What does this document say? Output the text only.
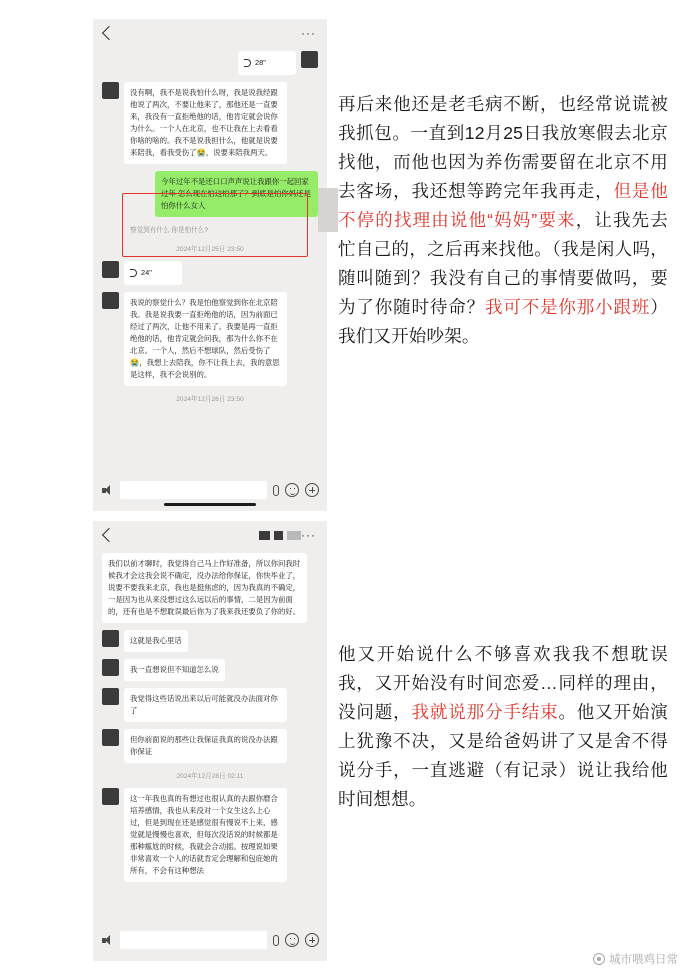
···
28"
没有啊，我不是说我怕什么呀，我是说我经跟他说了两次，不要让他来了，那他还是一直要来，我没有一直拒绝他的话，他肯定就会说你为什么。一个人在北京，也不让我在上去看看你啥的啥的。我不是说我担什么，他就是说要来陪我，看我受伤了😭，说要来陪我两天。
今年过年不是还口口声声说让我跟你一起回家过年 怎么现在怕这怕那了？到底是怕你妈还是怕你什么女人
察觉到有什么 你是怕什么?
2024年12月25日 23:50
24"
我说的察觉什么？我是怕他察觉到你在北京陪我。我是说我要一直拒绝他的话，因为前面已经过了两次，让他不用来了。我要是再一直拒绝他的话，他肯定就会问我，那为什么你不在北京。一个人，然后不想球队，然后受伤了😭，我想上去陪我，你不让我上去，我的意思是这样，我不会说别的。
2024年12月26日 23:50
···
我们以前才聊时，我觉得自己马上作好准备，所以你问我时候我才会这我会说不确定，没办法给你保证，你快毕业了，说要不要我来北京，我也是挺焦虑的，因为我真的不确定，一是因为也从来没想过这么远以后的事情，二是因为前面的，还有也是不想耽误最后你为了我来我还要负了你的好。
这就是我心里话
我一直想说但不知道怎么说
我觉得这些话说出来以后可能就没办法面对你了
但你前面说的那些让我保证我真的说没办法跟你保证
2024年12月28日 02:11
这一年我也真的有想过也很认真的去跟你磨合 培养感情，我也从来没对一个女生这么上心过，但是到现在还是感觉很有慢说不上来，感觉就是慢慢也喜欢，但每次没话说的时候都是那种尴尬的时候，我就会合动摇。按理说如果非常喜欢一个人的话就肯定会理解和包庇她的所有，不会有这种想法
再后来他还是老毛病不断，也经常说谎被我抓包。一直到12月25日我放寒假去北京找他，而他也因为养伤需要留在北京不用去客场，我还想等跨完年我再走，但是他不停的找理由说他“妈妈”要来，让我先去忙自己的，之后再来找他。（我是闲人吗，随叫随到？我没有自己的事情要做吗，要为了你随时待命？我可不是你那小跟班）我们又开始吵架。
他又开始说什么不够喜欢我我不想耽误我，又开始没有时间恋爱…同样的理由，没问题，我就说那分手结束。他又开始演上犹豫不决，又是给爸妈讲了又是舍不得说分手，一直逃避（有记录）说让我给他时间想想。
城市喂鸡日常
